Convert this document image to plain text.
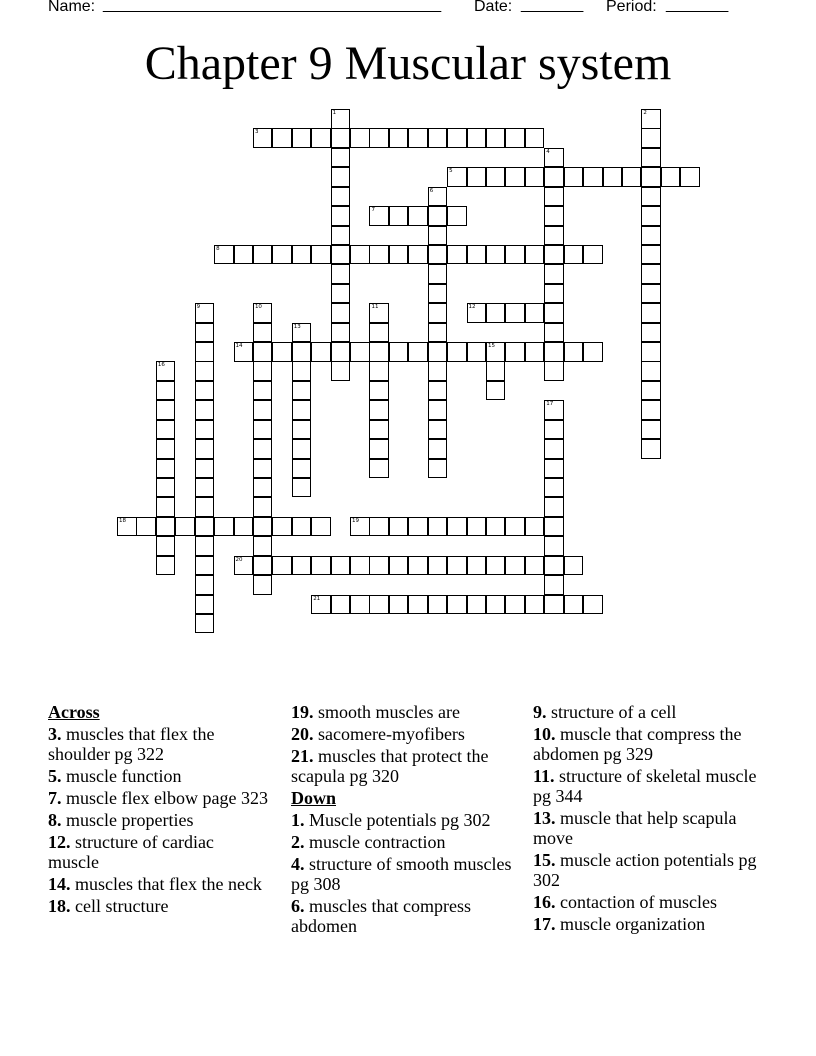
Name: ______________________________________ Date: _______ Period: _______
Chapter 9 Muscular system
1	2
3
4
5
6
7
8
9	10	11	12
13
14	15
16
17
18	19
20
21
Across
3. muscles that flex the shoulder pg 322
5. muscle function
7. muscle flex elbow page 323
8. muscle properties
12. structure of cardiac muscle
14. muscles that flex the neck
18. cell structure
19. smooth muscles are
20. sacomere-myofibers
21. muscles that protect the scapula pg 320
Down
1. Muscle potentials pg 302
2. muscle contraction
4. structure of smooth muscles pg 308
6. muscles that compress abdomen
9. structure of a cell
10. muscle that compress the abdomen pg 329
11. structure of skeletal muscle pg 344
13. muscle that help scapula move
15. muscle action potentials pg 302
16. contaction of muscles
17. muscle organization
